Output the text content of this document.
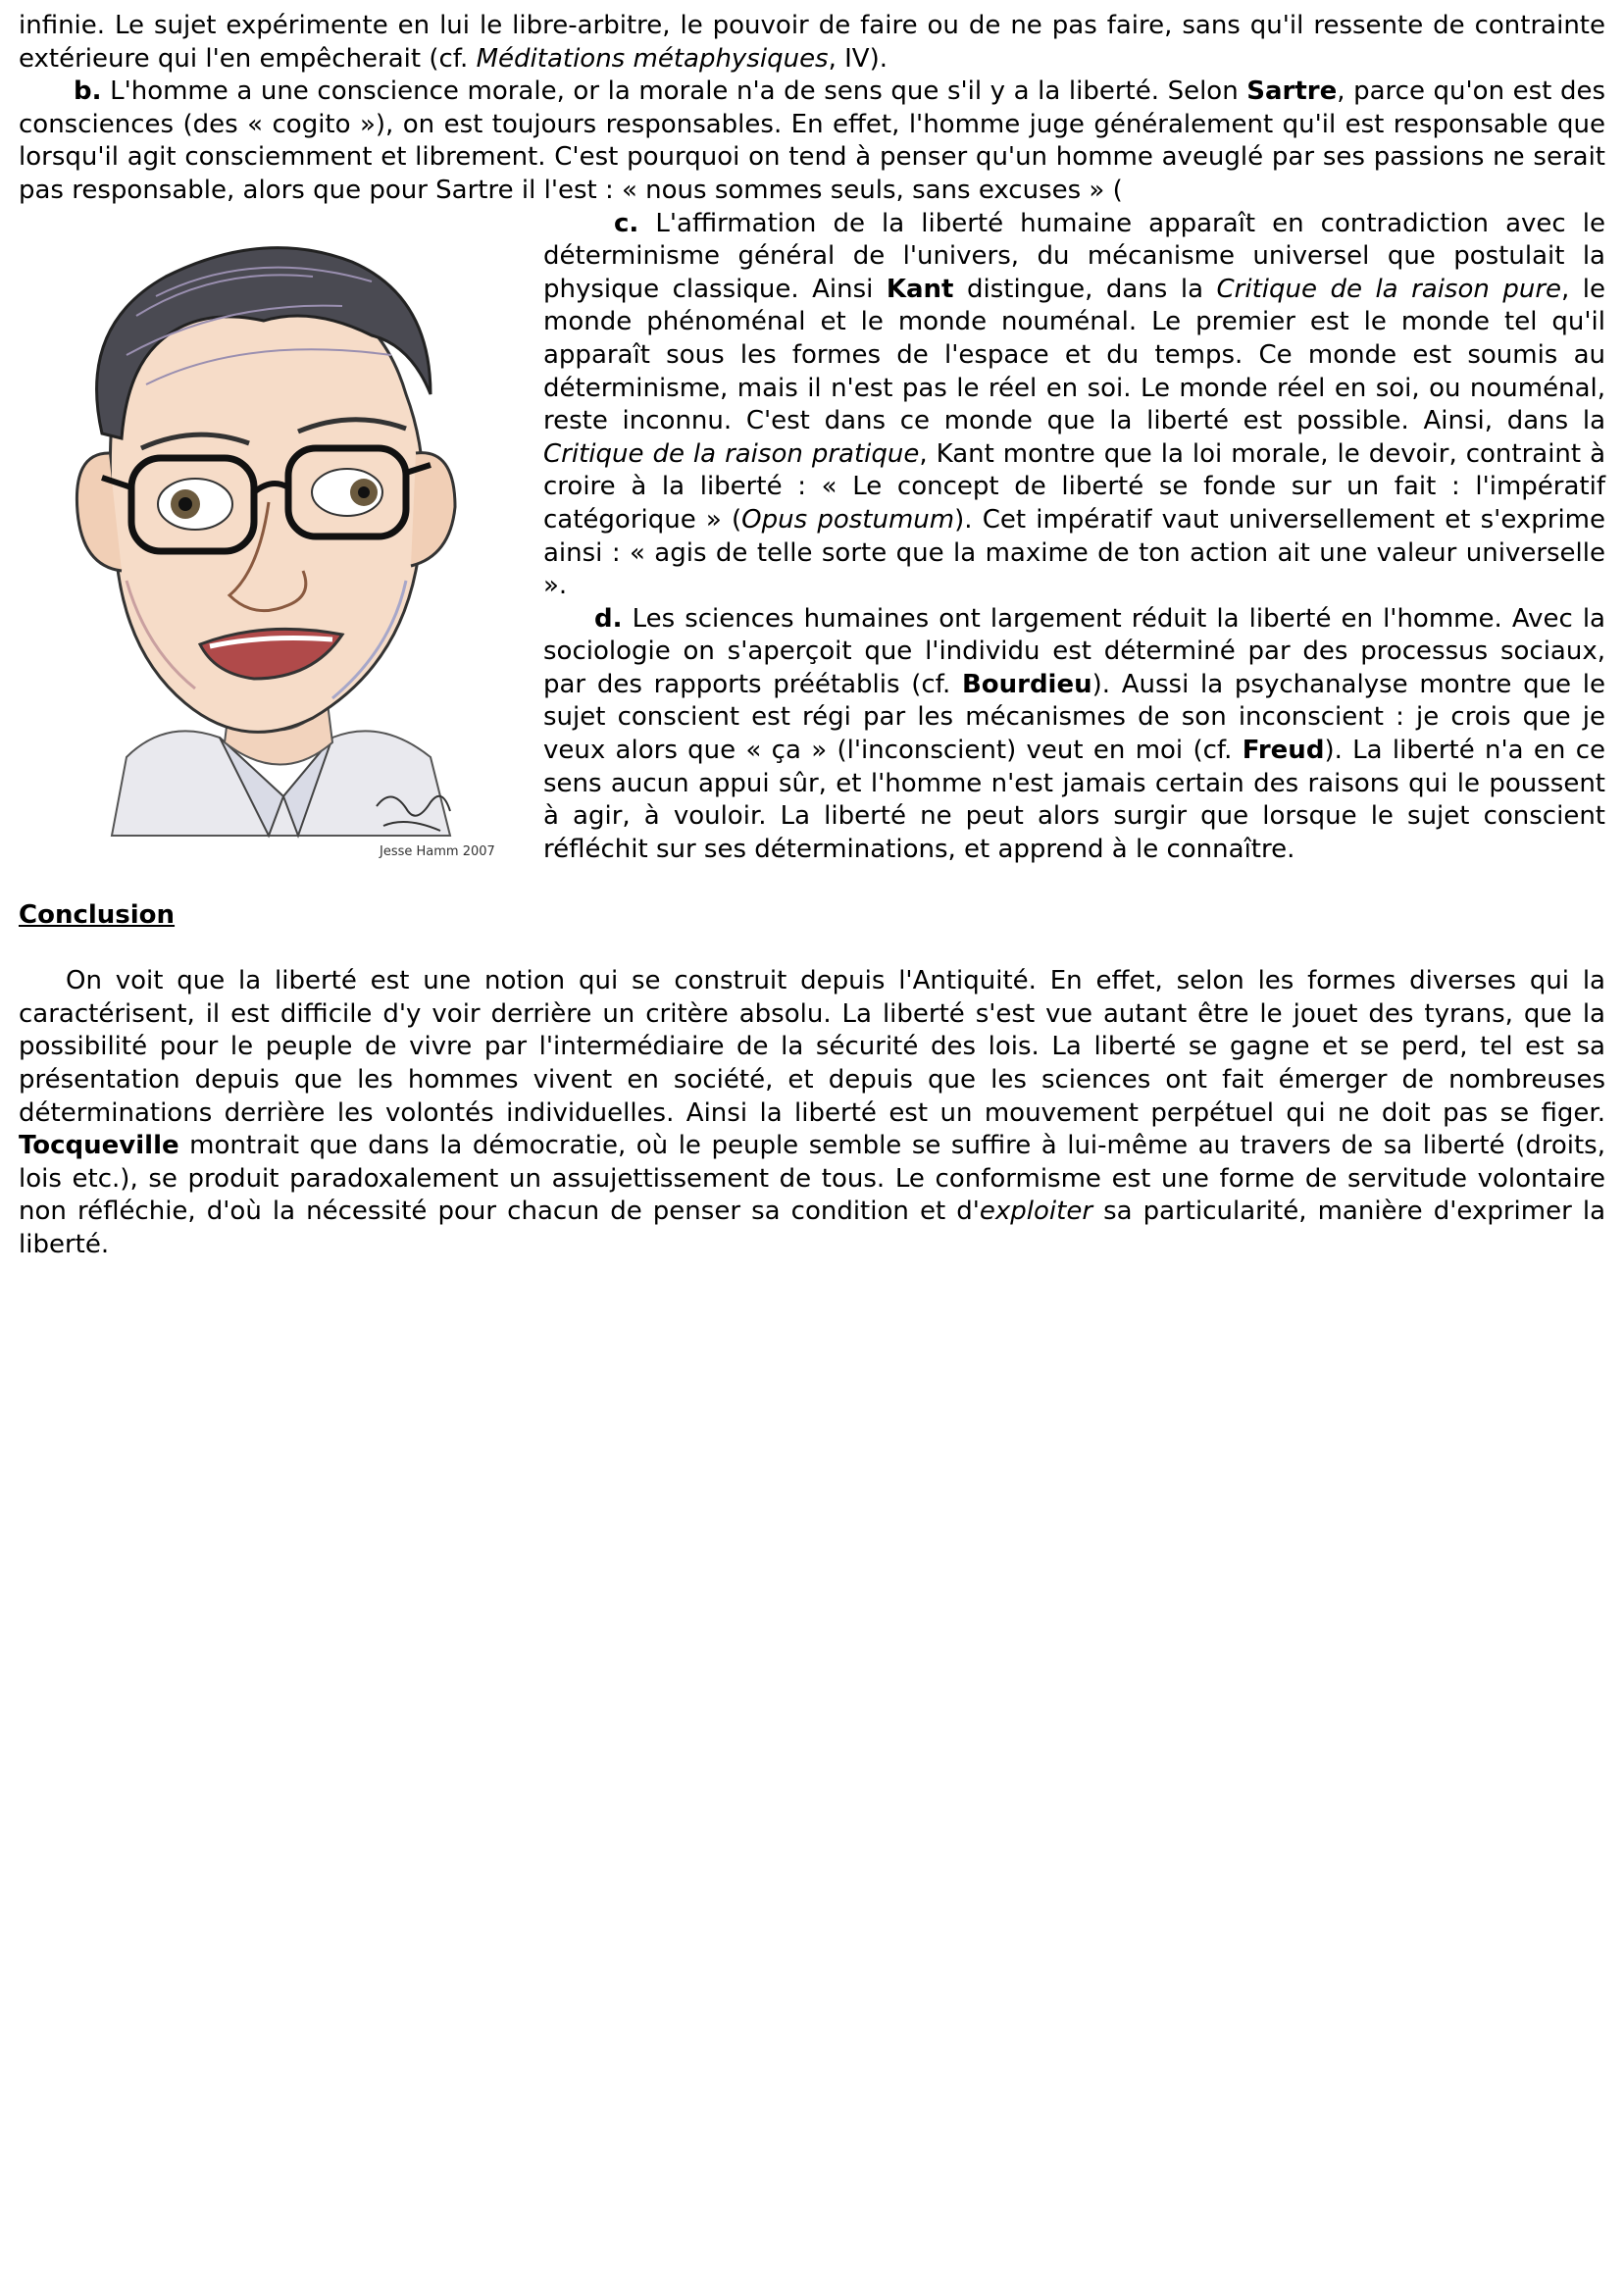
infinie. Le sujet expérimente en lui le libre-arbitre, le pouvoir de faire ou de ne pas faire, sans qu'il ressente de contrainte extérieure qui l'en empêcherait (cf. Méditations métaphysiques, IV).

b. L'homme a une conscience morale, or la morale n'a de sens que s'il y a la liberté. Selon Sartre, parce qu'on est des consciences (des « cogito »), on est toujours responsables. En effet, l'homme juge généralement qu'il est responsable que lorsqu'il agit consciemment et librement. C'est pourquoi on tend à penser qu'un homme aveuglé par ses passions ne serait pas responsable, alors que pour Sartre il l'est : « nous sommes seuls, sans excuses » (

Jesse Hamm 2007

c. L'affirmation de la liberté humaine apparaît en contradiction avec le déterminisme général de l'univers, du mécanisme universel que postulait la physique classique. Ainsi Kant distingue, dans la Critique de la raison pure, le monde phénoménal et le monde nouménal. Le premier est le monde tel qu'il apparaît sous les formes de l'espace et du temps. Ce monde est soumis au déterminisme, mais il n'est pas le réel en soi. Le monde réel en soi, ou nouménal, reste inconnu. C'est dans ce monde que la liberté est possible. Ainsi, dans la Critique de la raison pratique, Kant montre que la loi morale, le devoir, contraint à croire à la liberté : « Le concept de liberté se fonde sur un fait : l'impératif catégorique » (Opus postumum). Cet impératif vaut universellement et s'exprime ainsi : « agis de telle sorte que la maxime de ton action ait une valeur universelle ».

d. Les sciences humaines ont largement réduit la liberté en l'homme. Avec la sociologie on s'aperçoit que l'individu est déterminé par des processus sociaux, par des rapports préétablis (cf. Bourdieu). Aussi la psychanalyse montre que le sujet conscient est régi par les mécanismes de son inconscient : je crois que je veux alors que « ça » (l'inconscient) veut en moi (cf. Freud). La liberté n'a en ce sens aucun appui sûr, et l'homme n'est jamais certain des raisons qui le poussent à agir, à vouloir. La liberté ne peut alors surgir que lorsque le sujet conscient réfléchit sur ses déterminations, et apprend à le connaître.

Conclusion

On voit que la liberté est une notion qui se construit depuis l'Antiquité. En effet, selon les formes diverses qui la caractérisent, il est difficile d'y voir derrière un critère absolu. La liberté s'est vue autant être le jouet des tyrans, que la possibilité pour le peuple de vivre par l'intermédiaire de la sécurité des lois. La liberté se gagne et se perd, tel est sa présentation depuis que les hommes vivent en société, et depuis que les sciences ont fait émerger de nombreuses déterminations derrière les volontés individuelles. Ainsi la liberté est un mouvement perpétuel qui ne doit pas se figer. Tocqueville montrait que dans la démocratie, où le peuple semble se suffire à lui-même au travers de sa liberté (droits, lois etc.), se produit paradoxalement un assujettissement de tous. Le conformisme est une forme de servitude volontaire non réfléchie, d'où la nécessité pour chacun de penser sa condition et d'exploiter sa particularité, manière d'exprimer la liberté.
